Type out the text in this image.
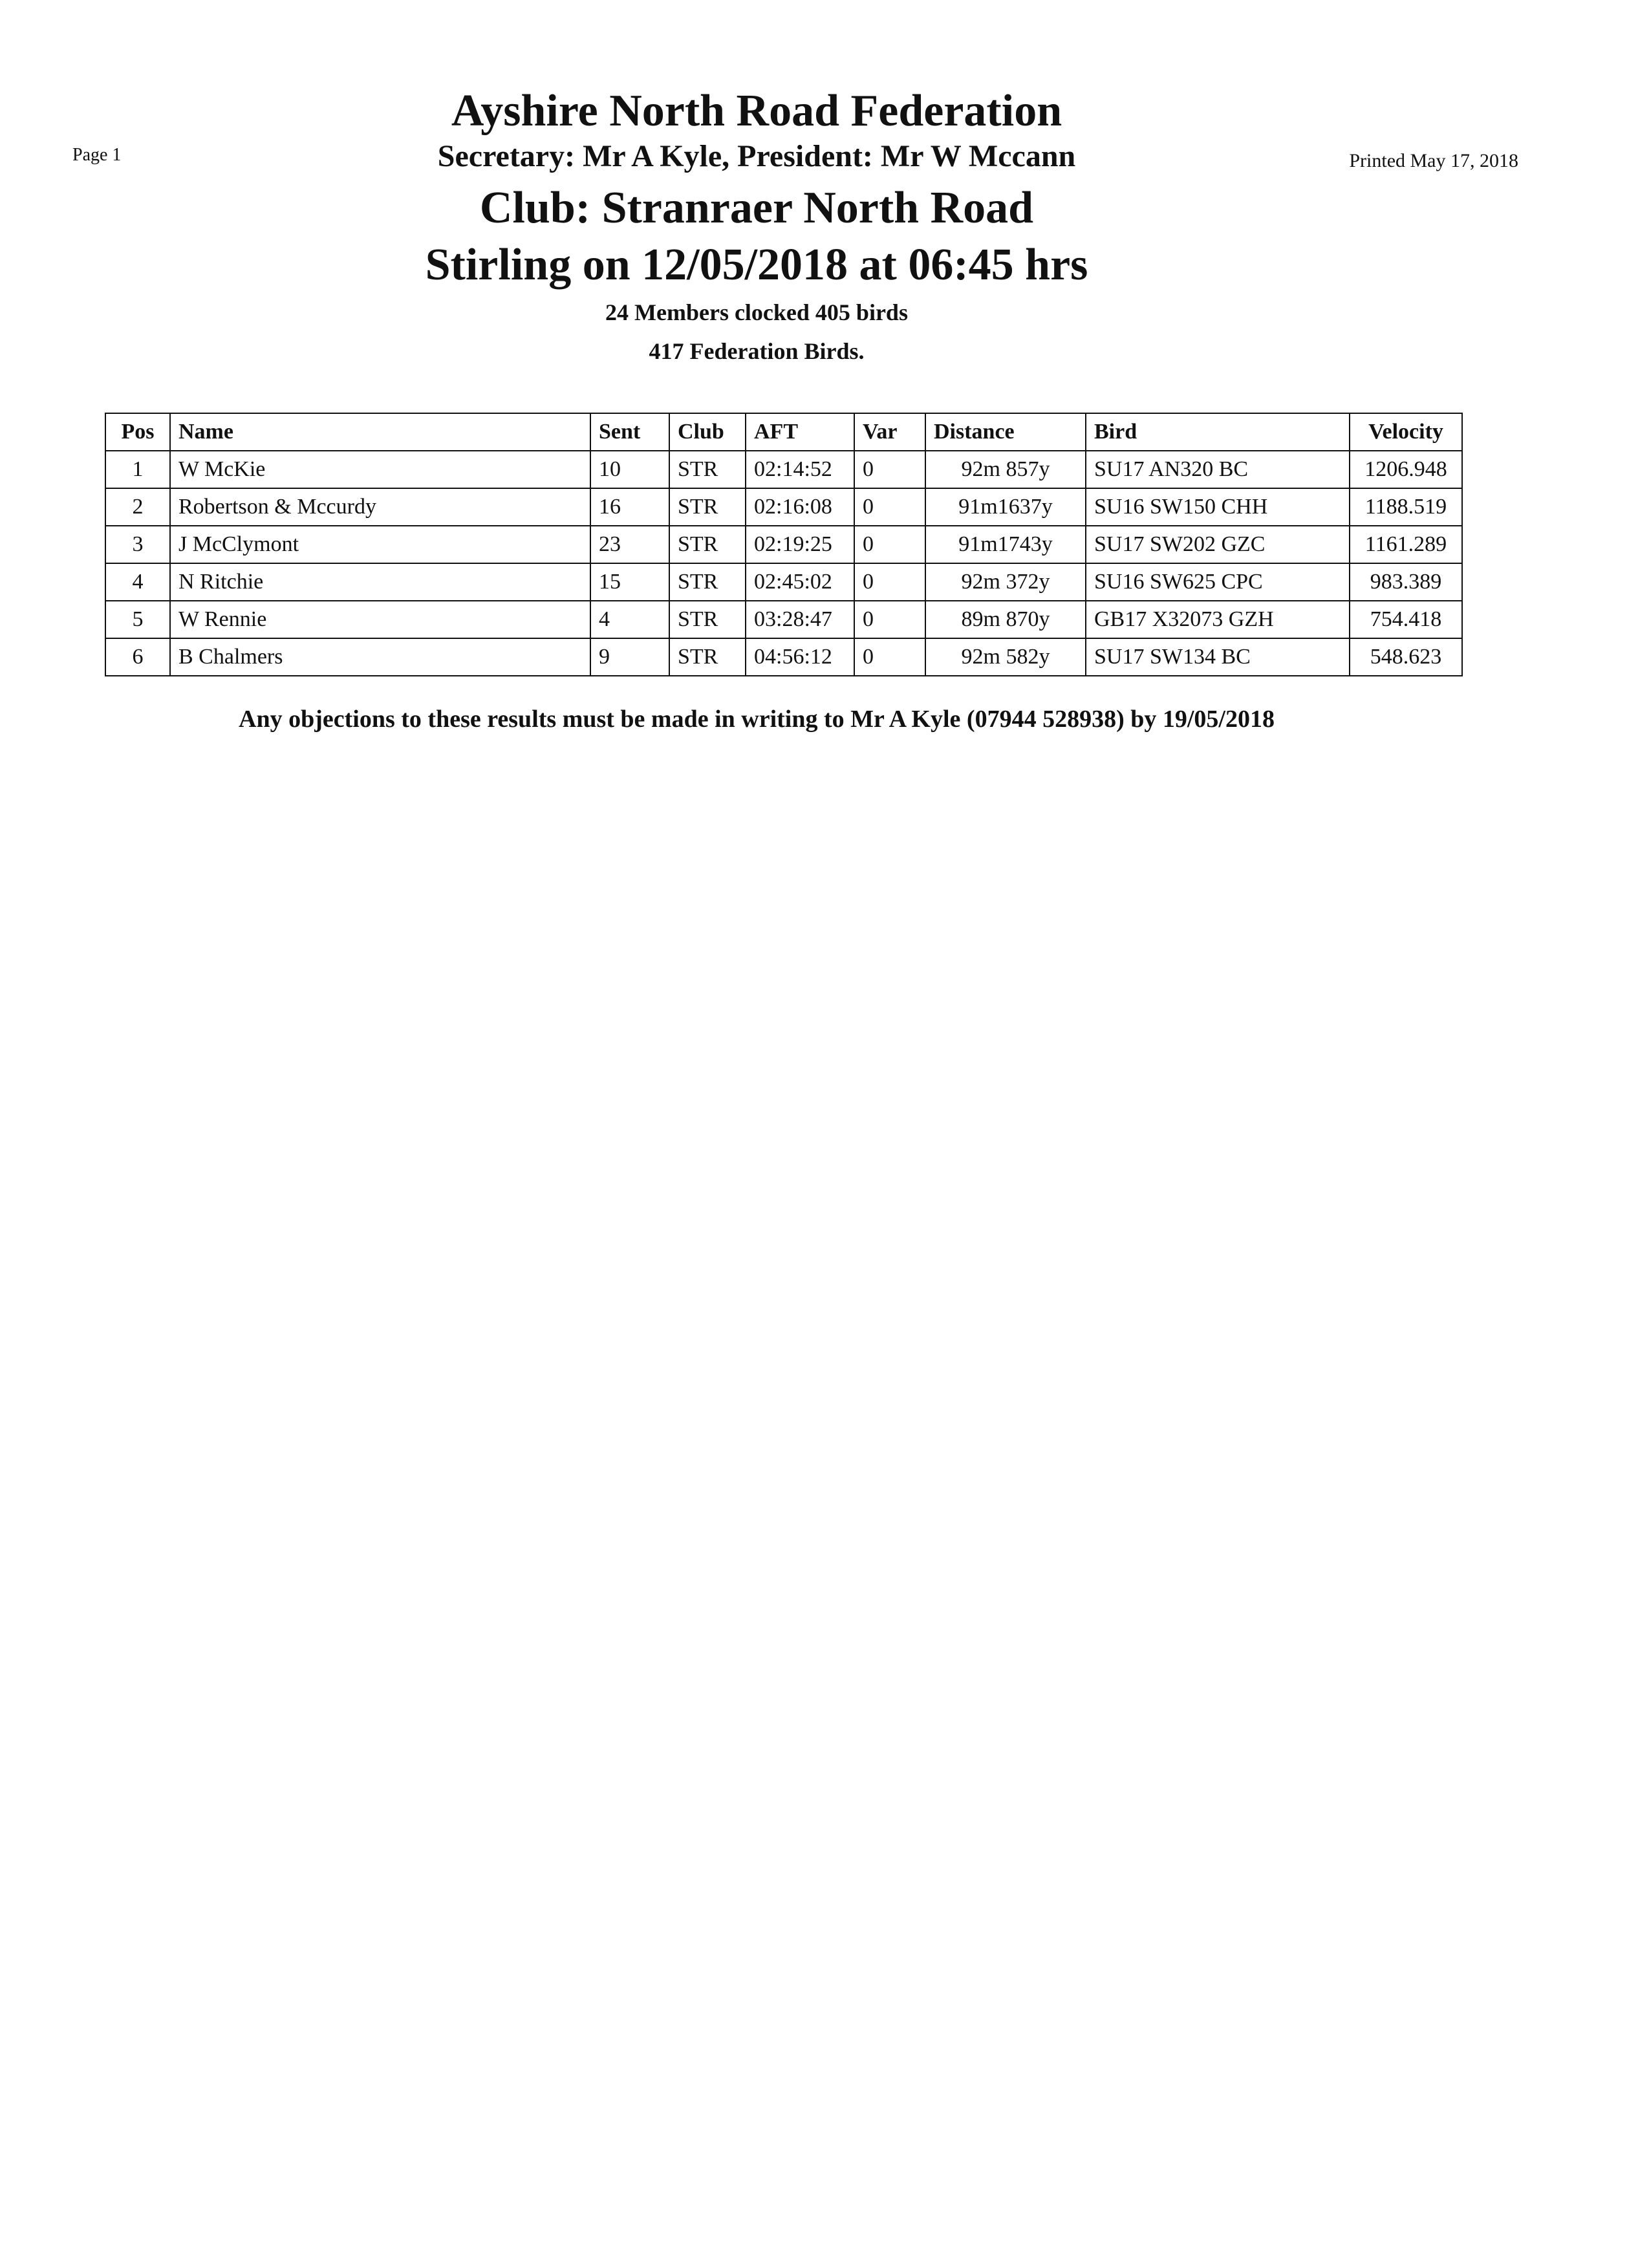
Page 1	Printed May 17, 2018
Ayshire North Road Federation
Secretary: Mr A Kyle, President: Mr W Mccann
Club: Stranraer North Road
Stirling on 12/05/2018 at 06:45 hrs
24 Members clocked 405 birds
417 Federation Birds.
Pos	Name	Sent	Club	AFT	Var	Distance	Bird	Velocity
1	W McKie	10	STR	02:14:52	0	92m 857y	SU17 AN320 BC	1206.948
2	Robertson & Mccurdy	16	STR	02:16:08	0	91m1637y	SU16 SW150 CHH	1188.519
3	J McClymont	23	STR	02:19:25	0	91m1743y	SU17 SW202 GZC	1161.289
4	N Ritchie	15	STR	02:45:02	0	92m 372y	SU16 SW625 CPC	983.389
5	W Rennie	4	STR	03:28:47	0	89m 870y	GB17 X32073 GZH	754.418
6	B Chalmers	9	STR	04:56:12	0	92m 582y	SU17 SW134 BC	548.623
Any objections to these results must be made in writing to Mr A Kyle (07944 528938) by 19/05/2018
